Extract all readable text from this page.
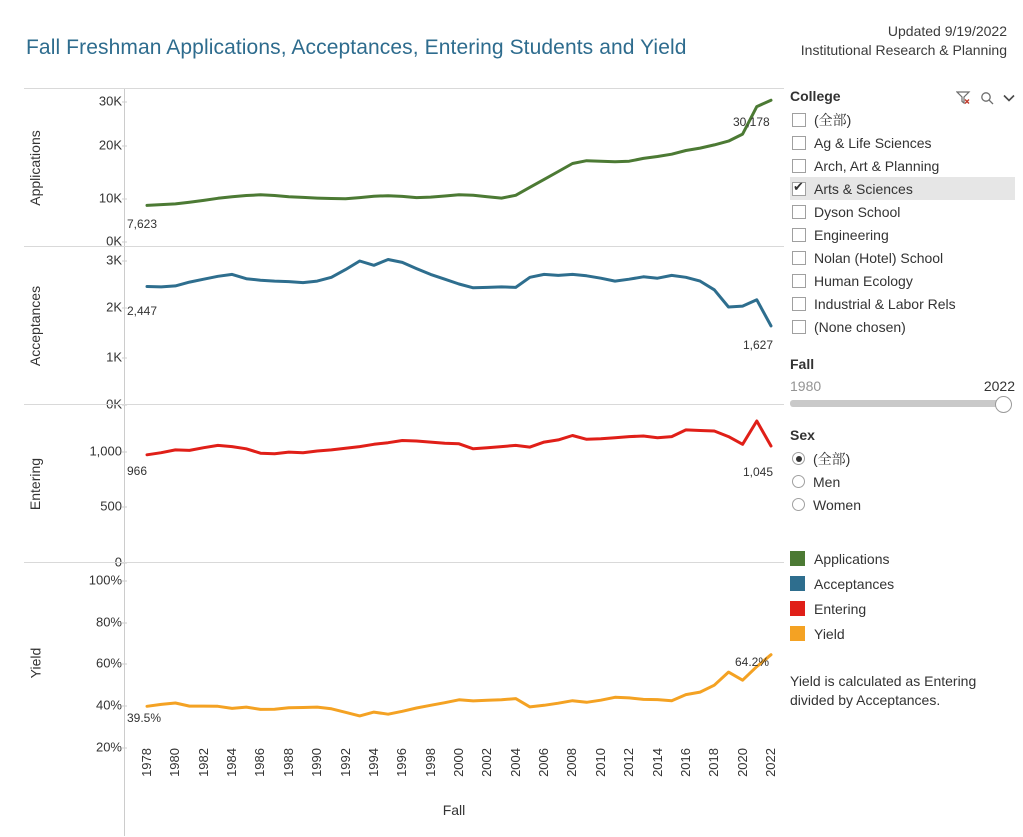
Fall Freshman Applications, Acceptances, Entering Students and Yield
Updated 9/19/2022
Institutional Research & Planning
Applications
30K
20K
10K
0K
7,623
30,178
Acceptances
3K
2K
1K
0K
2,447
1,627
Entering
1,000
500
0
966	1,045
Yield
100%
80%
60%
40%
20%
39.5%
64.2%
1978 1980 1982 1984 1986 1988 1990 1992 1994 1996 1998 2000 2002 2004 2006 2008 2010 2012 2014 2016 2018 2020 2022
Fall
College
(全部)
Ag & Life Sciences
Arch, Art & Planning
✔
Arts & Sciences
Dyson School
Engineering
Nolan (Hotel) School
Human Ecology
Industrial & Labor Rels
(None chosen)
Fall
1980	2022
Sex
(全部)
Men
Women
Applications
Acceptances
Entering
Yield
Yield is calculated as Entering divided by Acceptances.
